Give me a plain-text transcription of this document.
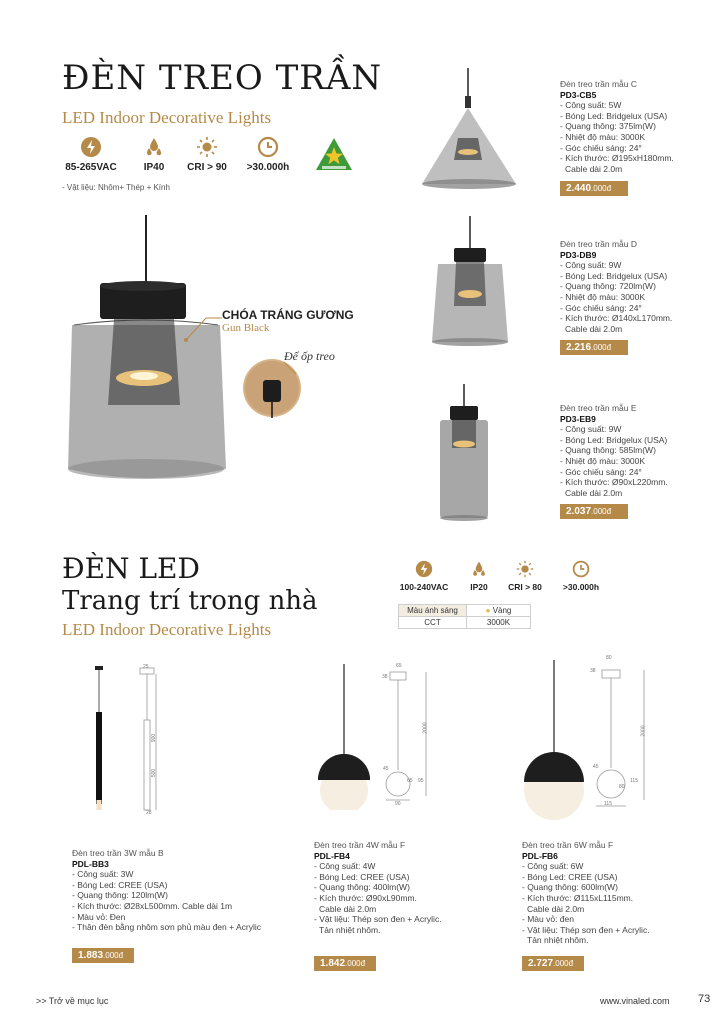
ĐÈN TREO TRẦN
LED Indoor Decorative Lights
85-265VAC	IP40	CRI > 90	>30.000h
- Vật liệu: Nhôm+ Thép + Kính
CHÓA TRÁNG GƯƠNG
Gun Black
Đế ốp treo
Đèn treo trần mẫu C
PD3-CB5
- Công suất: 5W
- Bóng Led: Bridgelux (USA)
- Quang thông: 375lm(W)
- Nhiệt độ màu: 3000K
- Góc chiếu sáng: 24°
- Kích thước: Ø195xH180mm.
Cable dài 2.0m
2.440.000đ
Đèn treo trần mẫu D
PD3-DB9
- Công suất: 9W
- Bóng Led: Bridgelux (USA)
- Quang thông: 720lm(W)
- Nhiệt độ màu: 3000K
- Góc chiếu sáng: 24°
- Kích thước: Ø140xL170mm.
Cable dài 2.0m
2.216.000đ
Đèn treo trần mẫu E
PD3-EB9
- Công suất: 9W
- Bóng Led: Bridgelux (USA)
- Quang thông: 585lm(W)
- Nhiệt độ màu: 3000K
- Góc chiếu sáng: 24°
- Kích thước: Ø90xL220mm.
Cable dài 2.0m
2.037.000đ
ĐÈN LED
Trang trí trong nhà
LED Indoor Decorative Lights
100-240VAC	IP20	CRI > 80	>30.000h
Màu ánh sáng	● Vàng
CCT	3000K
25
900
500
28
65
38
2000
45
65 95
90
80
38
2000
45
80
115
115
Đèn treo trần 3W mẫu B
PDL-BB3
- Công suất: 3W
- Bóng Led: CREE (USA)
- Quang thông: 120lm(W)
- Kích thước: Ø28xL500mm. Cable dài 1m
- Màu vỏ: Đen
- Thân đèn bằng nhôm sơn phủ màu đen + Acrylic
1.883.000đ
Đèn treo trần 4W mẫu F
PDL-FB4
- Công suất: 4W
- Bóng Led: CREE (USA)
- Quang thông: 400lm(W)
- Kích thước: Ø90xL90mm.
Cable dài 2.0m
- Vật liệu: Thép sơn đen + Acrylic.
Tản nhiệt nhôm.
1.842.000đ
Đèn treo trần 6W mẫu F
PDL-FB6
- Công suất: 6W
- Bóng Led: CREE (USA)
- Quang thông: 600lm(W)
- Kích thước: Ø115xL115mm.
Cable dài 2.0m
- Màu vỏ: đen
- Vật liệu: Thép sơn đen + Acrylic.
Tản nhiệt nhôm.
2.727.000đ
>> Trở về mục lục	www.vinaled.com	73
